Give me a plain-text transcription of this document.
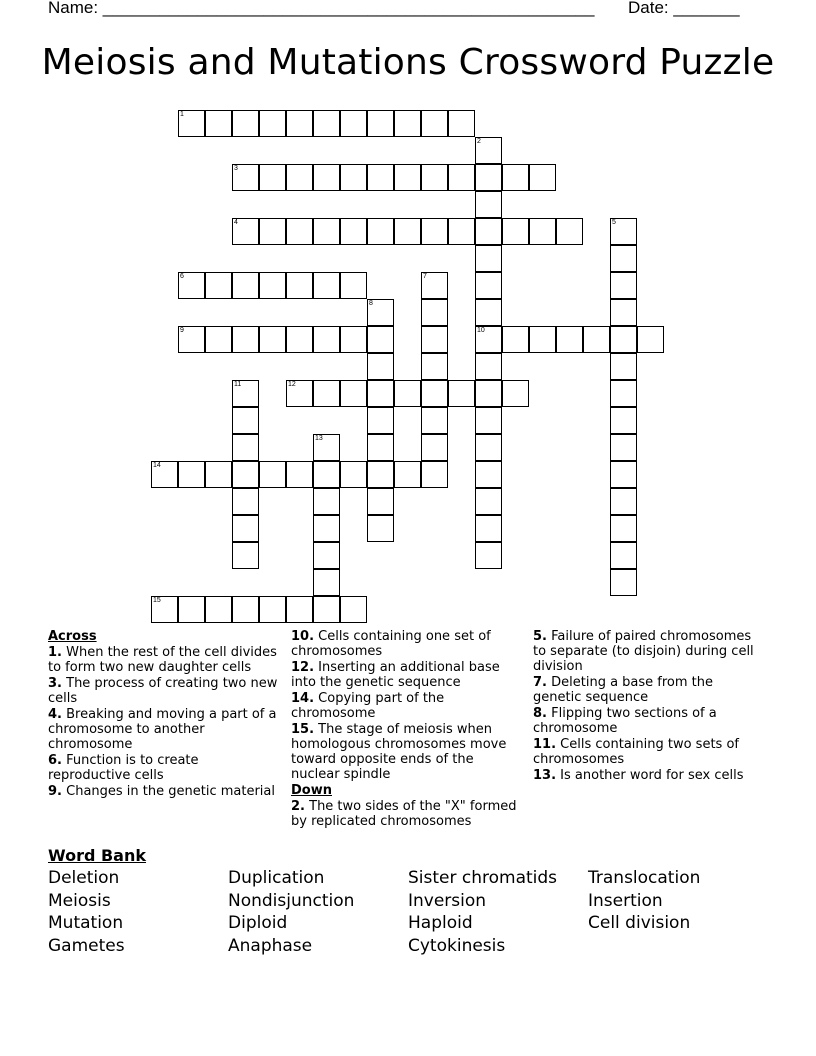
Name: ____________________________________________________ Date: _______
Meiosis and Mutations Crossword Puzzle
1
2
10
3
4	5
6	7
8
9
11	12
13
14
15
Across
1. When the rest of the cell divides to form two new daughter cells
3. The process of creating two new cells
4. Breaking and moving a part of a chromosome to another chromosome
6. Function is to create reproductive cells
9. Changes in the genetic material
10. Cells containing one set of chromosomes
12. Inserting an additional base into the genetic sequence
14. Copying part of the chromosome
15. The stage of meiosis when homologous chromosomes move toward opposite ends of the nuclear spindle
Down
2. The two sides of the "X" formed by replicated chromosomes
5. Failure of paired chromosomes to separate (to disjoin) during cell division
7. Deleting a base from the genetic sequence
8. Flipping two sections of a chromosome
11. Cells containing two sets of chromosomes
13. Is another word for sex cells
Word Bank
Deletion
Meiosis
Mutation
Gametes
Duplication
Nondisjunction
Diploid
Anaphase
Sister chromatids
Inversion
Haploid
Cytokinesis
Translocation
Insertion
Cell division
